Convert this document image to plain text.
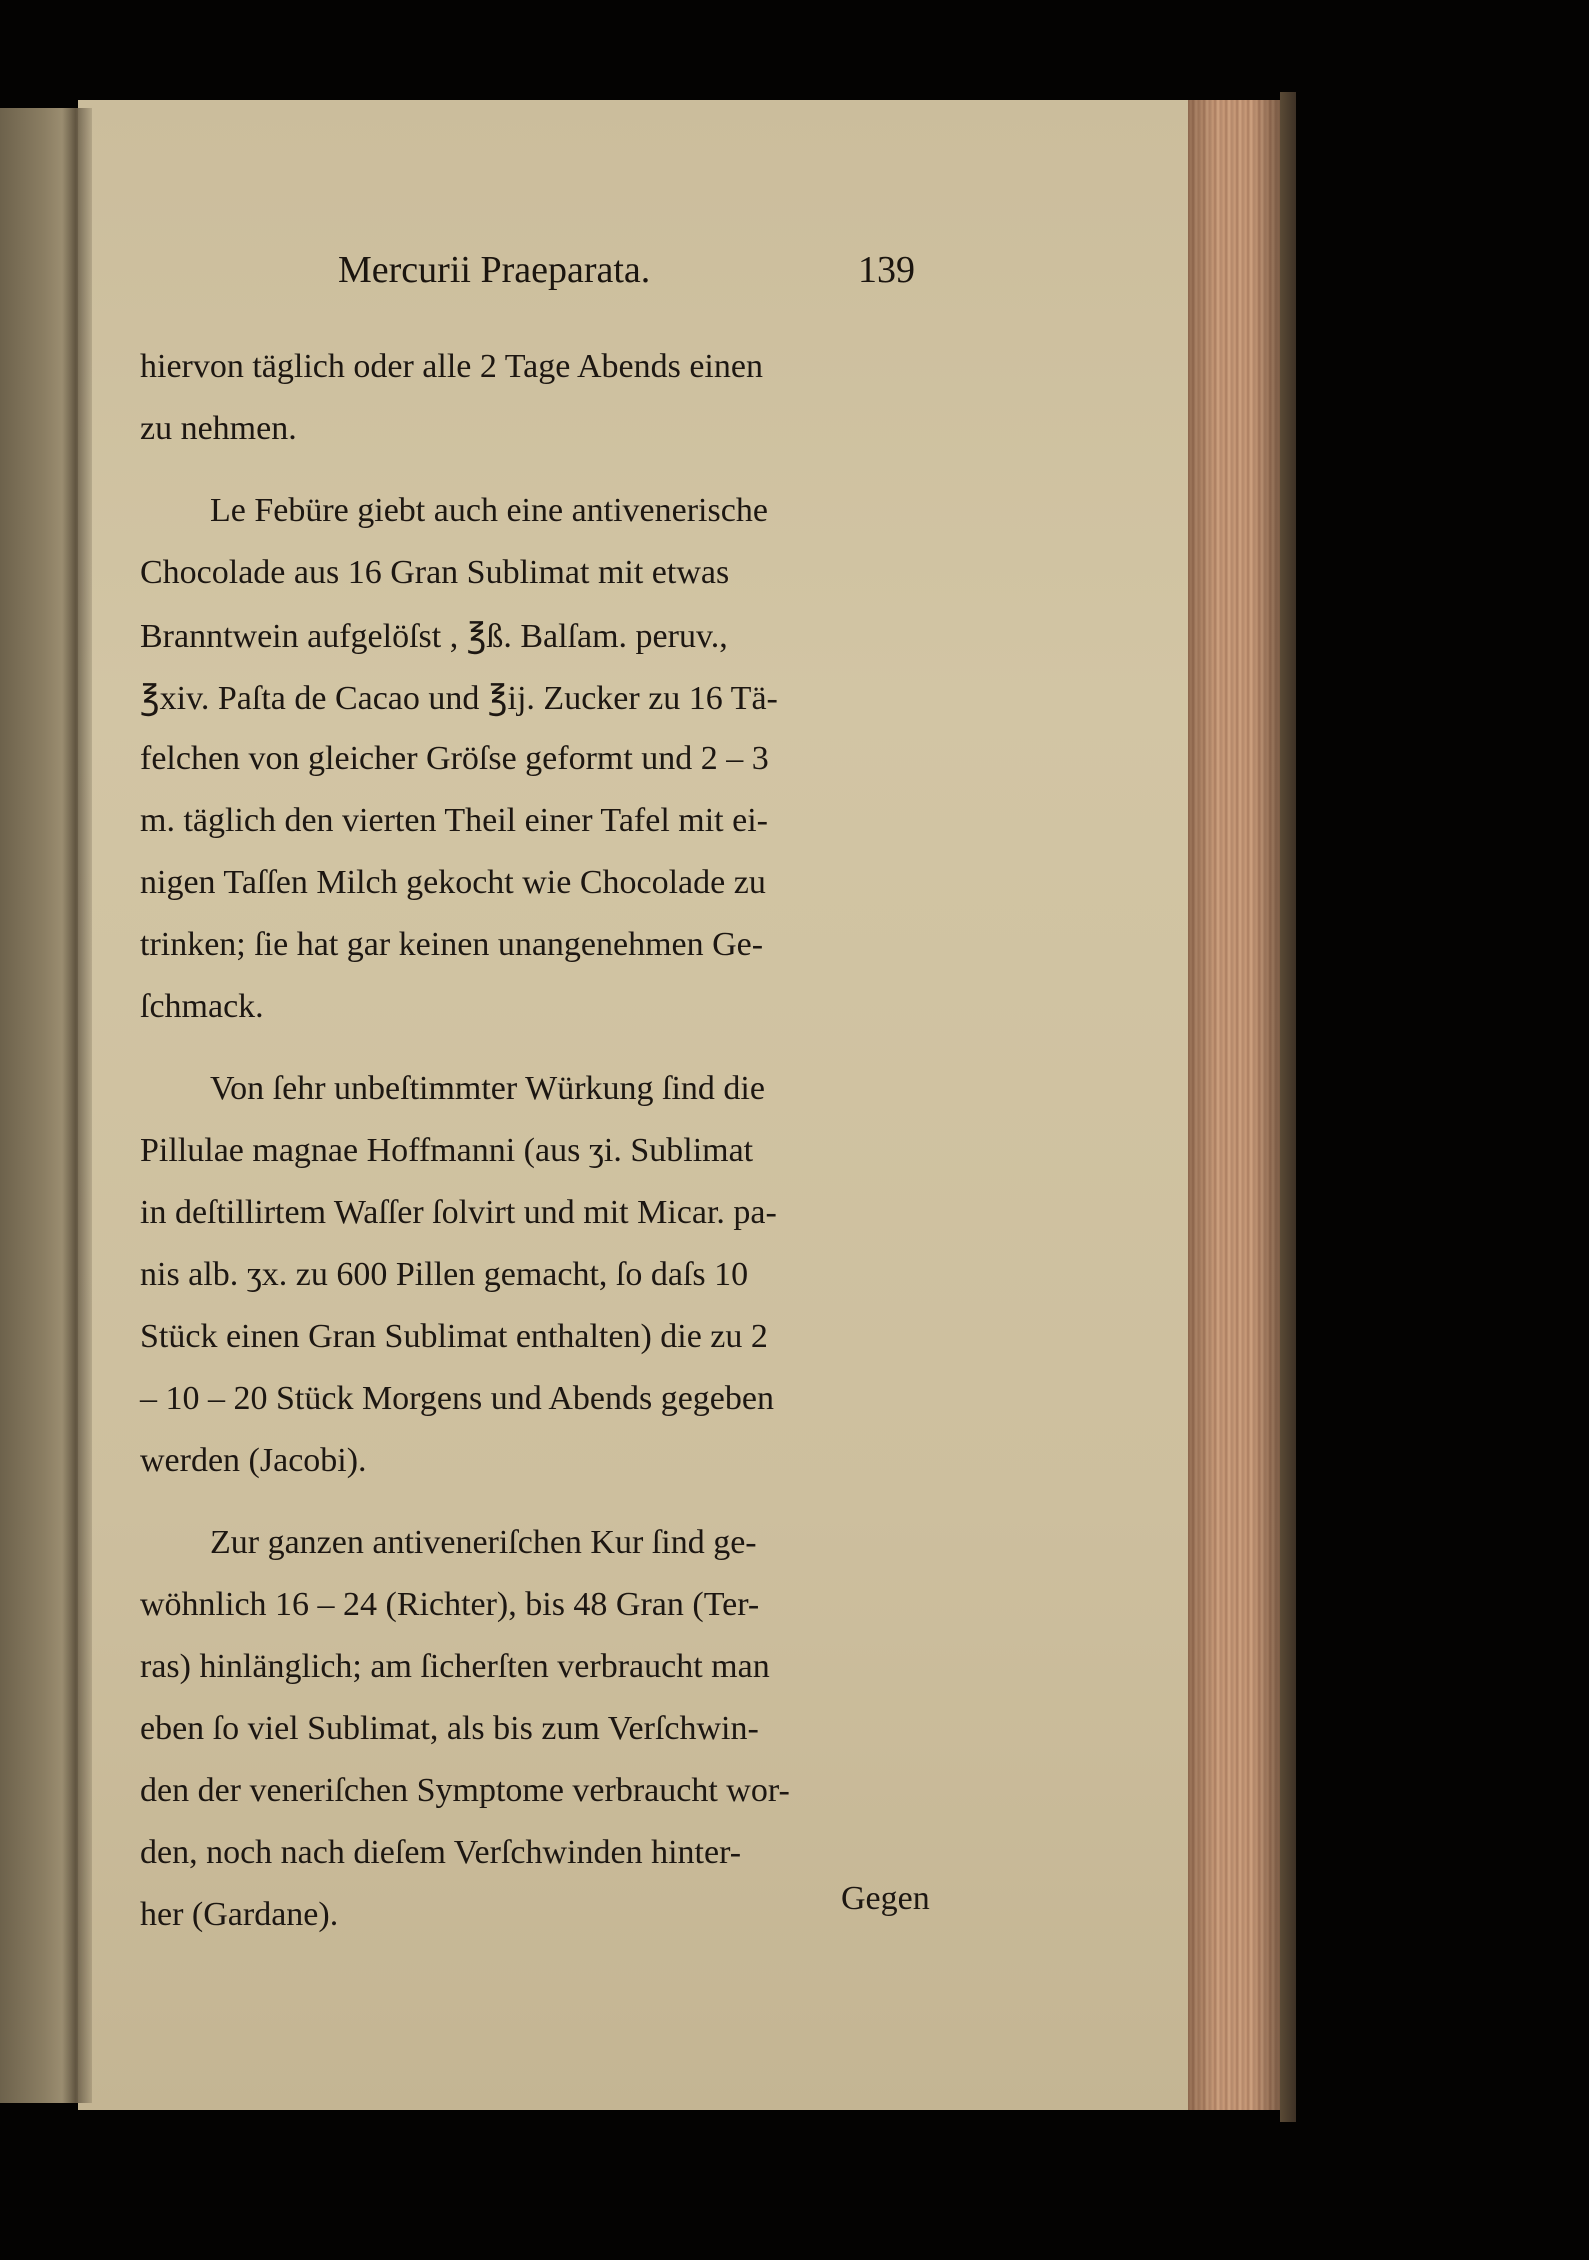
Mercurii Praeparata.	139
hiervon täglich oder alle 2 Tage Abends einen
zu nehmen.
Le Febüre giebt auch eine antivenerische
Chocolade aus 16 Gran Sublimat mit etwas
Branntwein aufgelöſst , ℥ß. Balſam. peruv.,
℥xiv. Paſta de Cacao und ℥ij. Zucker zu 16 Tä-
felchen von gleicher Gröſse geformt und 2 – 3
m. täglich den vierten Theil einer Tafel mit ei-
nigen Taſſen Milch gekocht wie Chocolade zu
trinken; ſie hat gar keinen unangenehmen Ge-
ſchmack.
Von ſehr unbeſtimmter Würkung ſind die
Pillulae magnae Hoffmanni (aus ʒi. Sublimat
in deſtillirtem Waſſer ſolvirt und mit Micar. pa-
nis alb. ʒx. zu 600 Pillen gemacht, ſo daſs 10
Stück einen Gran Sublimat enthalten) die zu 2
– 10 – 20 Stück Morgens und Abends gegeben
werden (Jacobi).
Zur ganzen antiveneriſchen Kur ſind ge-
wöhnlich 16 – 24 (Richter), bis 48 Gran (Ter-
ras) hinlänglich; am ſicherſten verbraucht man
eben ſo viel Sublimat, als bis zum Verſchwin-
den der veneriſchen Symptome verbraucht wor-
den, noch nach dieſem Verſchwinden hinter-
her (Gardane).	Gegen
